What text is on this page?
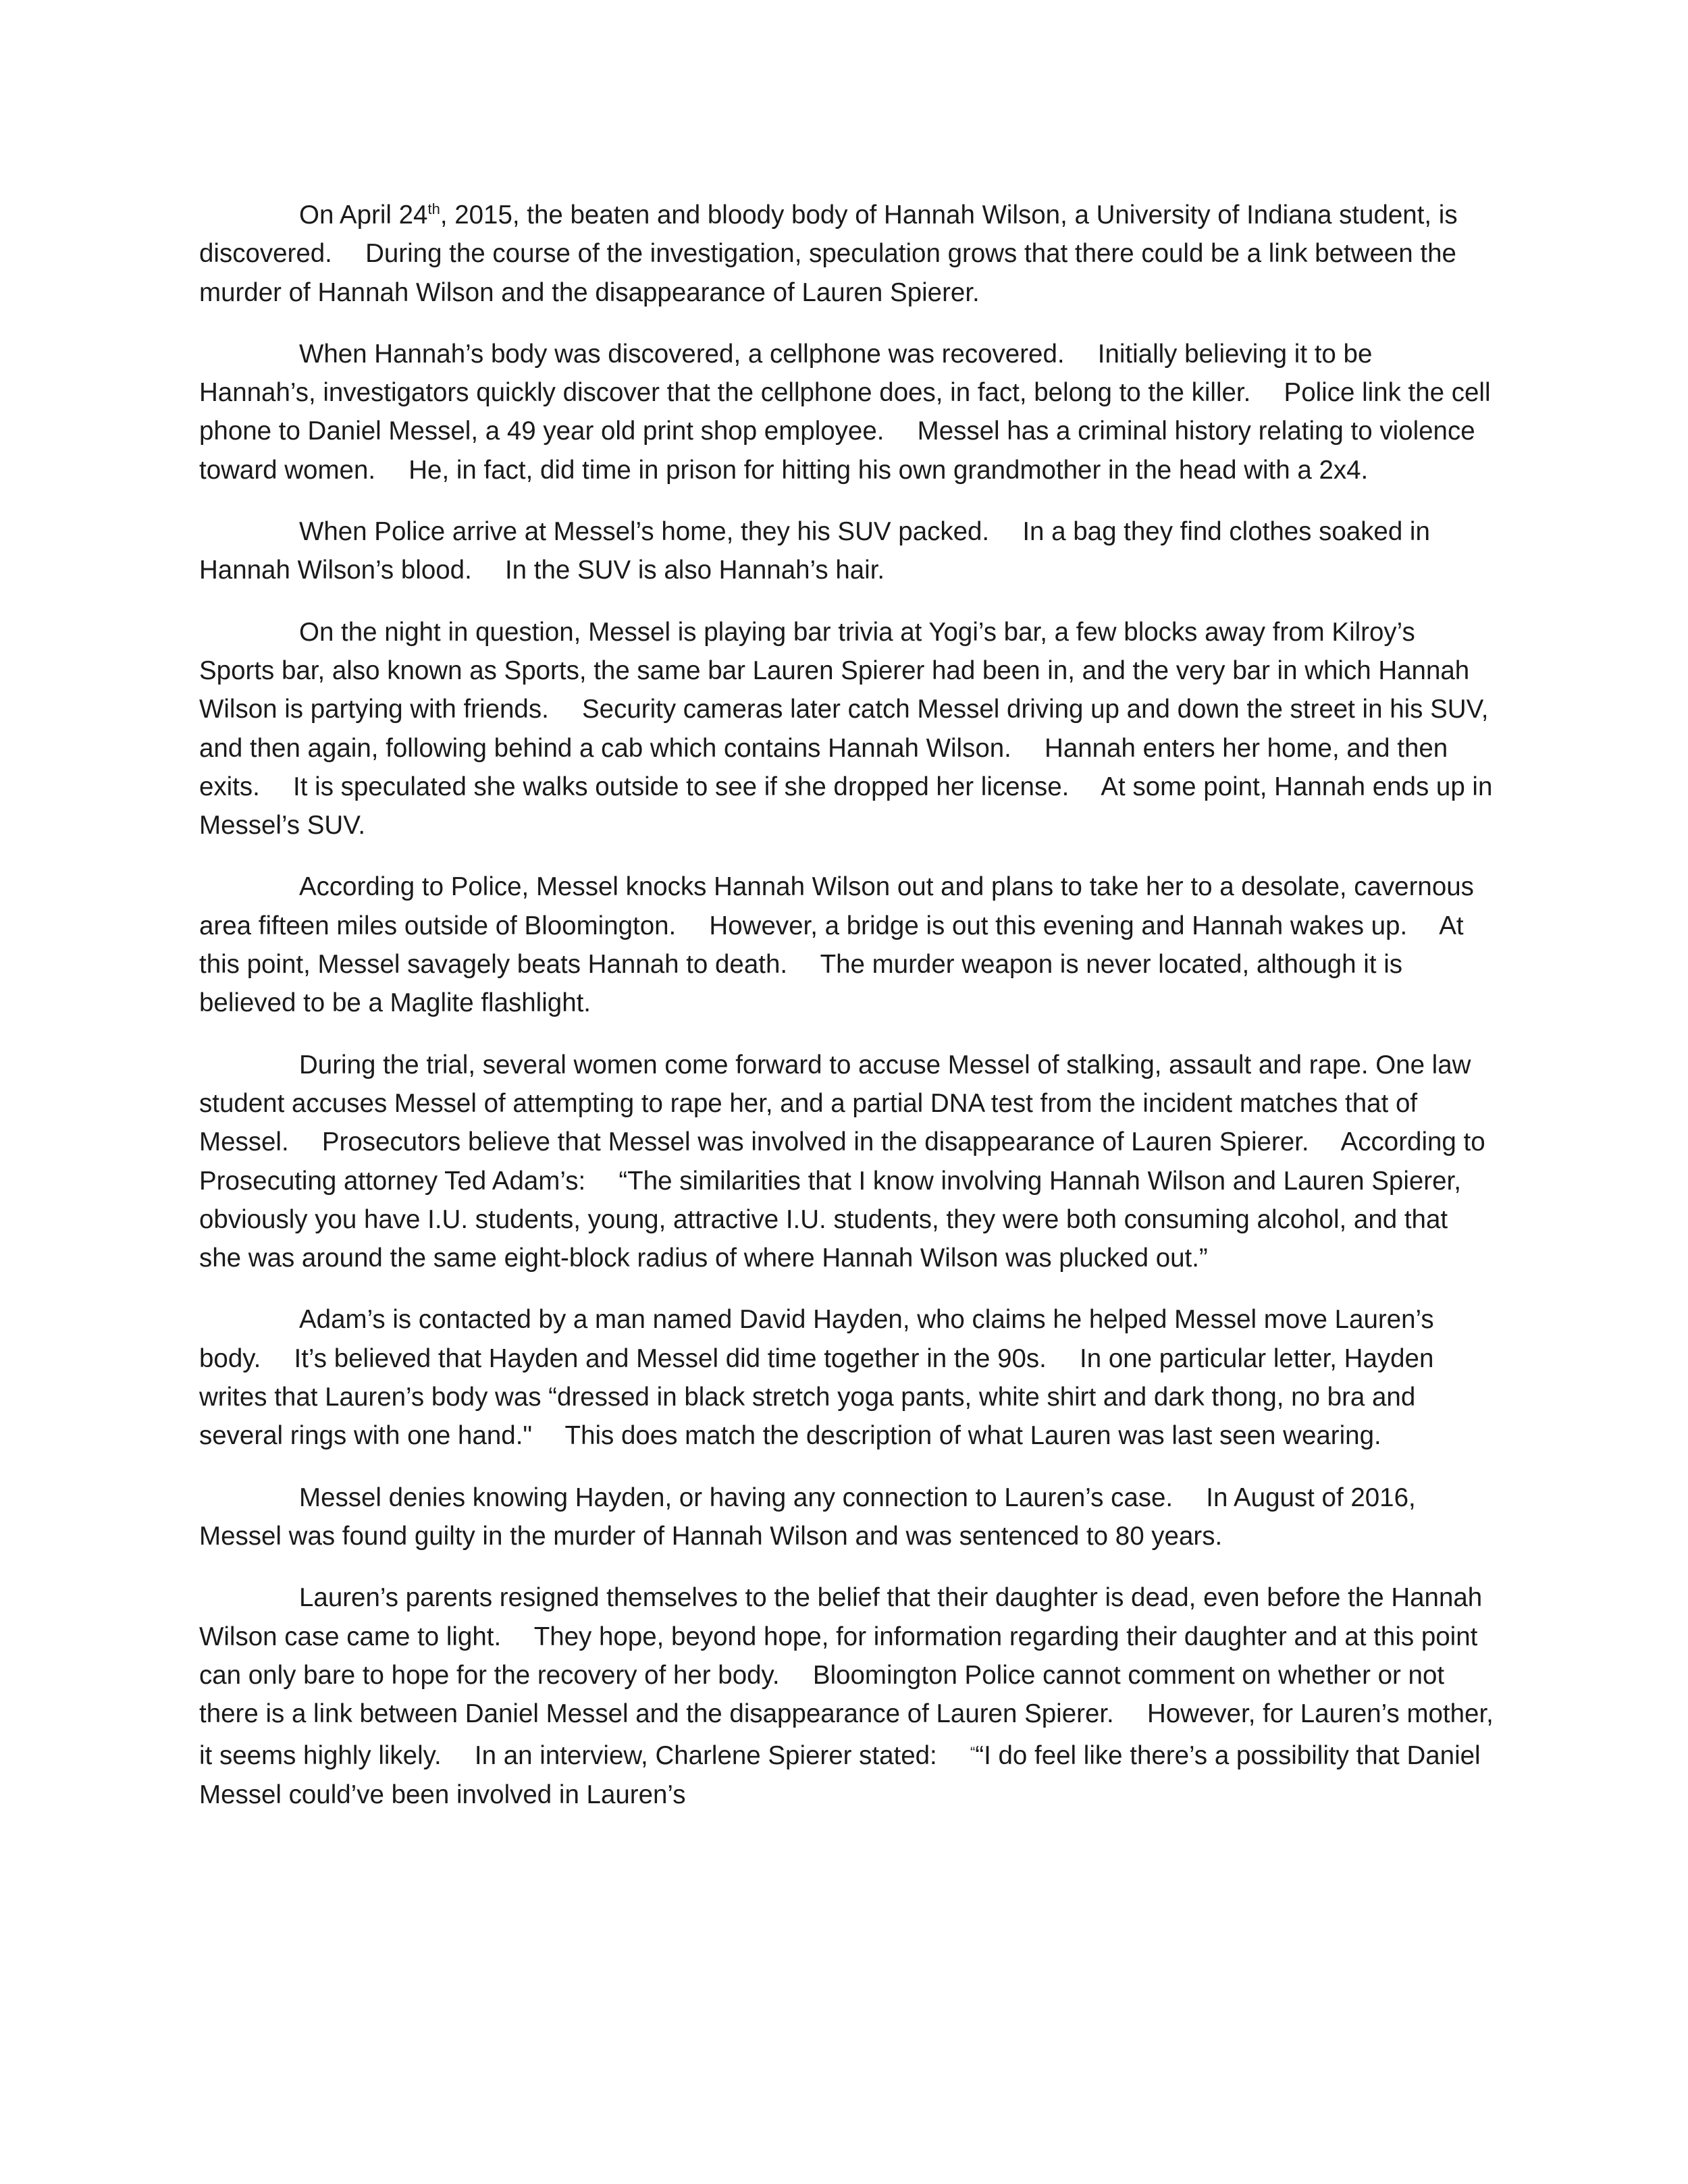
On April 24th, 2015, the beaten and bloody body of Hannah Wilson, a University of Indiana student, is discovered.  During the course of the investigation, speculation grows that there could be a link between the murder of Hannah Wilson and the disappearance of Lauren Spierer.

When Hannah’s body was discovered, a cellphone was recovered.  Initially believing it to be Hannah’s, investigators quickly discover that the cellphone does, in fact, belong to the killer.  Police link the cell phone to Daniel Messel, a 49 year old print shop employee.  Messel has a criminal history relating to violence toward women.  He, in fact, did time in prison for hitting his own grandmother in the head with a 2x4.

When Police arrive at Messel’s home, they his SUV packed.  In a bag they find clothes soaked in Hannah Wilson’s blood.  In the SUV is also Hannah’s hair.

On the night in question, Messel is playing bar trivia at Yogi’s bar, a few blocks away from Kilroy’s Sports bar, also known as Sports, the same bar Lauren Spierer had been in, and the very bar in which Hannah Wilson is partying with friends.  Security cameras later catch Messel driving up and down the street in his SUV, and then again, following behind a cab which contains Hannah Wilson.  Hannah enters her home, and then exits.  It is speculated she walks outside to see if she dropped her license.  At some point, Hannah ends up in Messel’s SUV.

According to Police, Messel knocks Hannah Wilson out and plans to take her to a desolate, cavernous area fifteen miles outside of Bloomington.  However, a bridge is out this evening and Hannah wakes up.  At this point, Messel savagely beats Hannah to death.  The murder weapon is never located, although it is believed to be a Maglite flashlight.

During the trial, several women come forward to accuse Messel of stalking, assault and rape. One law student accuses Messel of attempting to rape her, and a partial DNA test from the incident matches that of Messel.  Prosecutors believe that Messel was involved in the disappearance of Lauren Spierer.  According to Prosecuting attorney Ted Adam’s:  “The similarities that I know involving Hannah Wilson and Lauren Spierer, obviously you have I.U. students, young, attractive I.U. students, they were both consuming alcohol, and that she was around the same eight-block radius of where Hannah Wilson was plucked out.”

Adam’s is contacted by a man named David Hayden, who claims he helped Messel move Lauren’s body.  It’s believed that Hayden and Messel did time together in the 90s.  In one particular letter, Hayden writes that Lauren’s body was “dressed in black stretch yoga pants, white shirt and dark thong, no bra and several rings with one hand."  This does match the description of what Lauren was last seen wearing.

Messel denies knowing Hayden, or having any connection to Lauren’s case.  In August of 2016, Messel was found guilty in the murder of Hannah Wilson and was sentenced to 80 years.

Lauren’s parents resigned themselves to the belief that their daughter is dead, even before the Hannah Wilson case came to light.  They hope, beyond hope, for information regarding their daughter and at this point can only bare to hope for the recovery of her body.  Bloomington Police cannot comment on whether or not there is a link between Daniel Messel and the disappearance of Lauren Spierer.  However, for Lauren’s mother, it seems highly likely.  In an interview, Charlene Spierer stated:  ““I do feel like there’s a possibility that Daniel Messel could’ve been involved in Lauren’s
